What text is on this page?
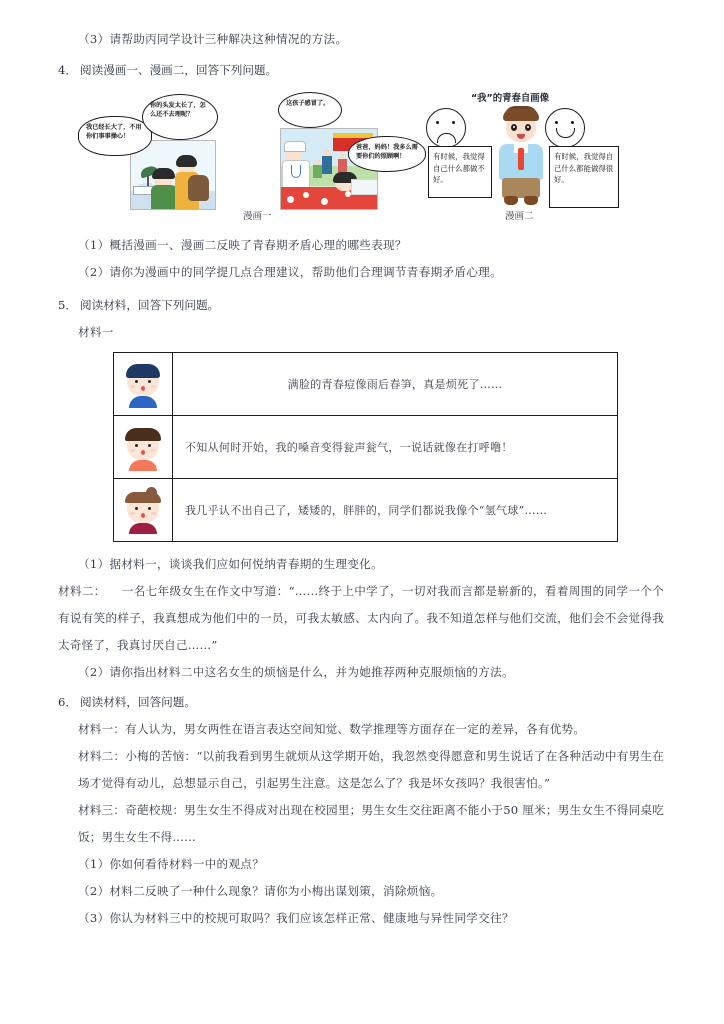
（3）请帮助丙同学设计三种解决这种情况的方法。
4． 阅读漫画一、漫画二，回答下列问题。
我已经长大了，不用你们事事操心！
你的头发太长了，怎么还不去理呢？
这孩子感冒了。
爸爸，妈妈！我多么需要你们的照顾啊！
漫画一
“我”的青春自画像
有时候，我觉得自己什么都做不好。
有时候，我觉得自己什么都能做得很好。
漫画二
（1）概括漫画一、漫画二反映了青春期矛盾心理的哪些表现？
（2）请你为漫画中的同学提几点合理建议，帮助他们合理调节青春期矛盾心理。
5． 阅读材料，回答下列问题。
材料一
	满脸的青春痘像雨后春笋，真是烦死了……

	不知从何时开始，我的嗓音变得瓮声瓮气，一说话就像在打呼噜！

	我几乎认不出自己了，矮矮的，胖胖的，同学们都说我像个“氢气球”……
（1）据材料一，谈谈我们应如何悦纳青春期的生理变化。
材料二： 一名七年级女生在作文中写道：“……终于上中学了，一切对我而言都是崭新的，看着周围的同学一个个有说有笑的样子，我真想成为他们中的一员，可我太敏感、太内向了。我不知道怎样与他们交流，他们会不会觉得我太奇怪了，我真讨厌自己……”
（2）请你指出材料二中这名女生的烦恼是什么，并为她推荐两种克服烦恼的方法。
6． 阅读材料，回答问题。
材料一：有人认为，男女两性在语言表达空间知觉、数学推理等方面存在一定的差异，各有优势。
材料二：小梅的苦恼：“以前我看到男生就烦从这学期开始，我忽然变得愿意和男生说话了在各种活动中有男生在场才觉得有动儿，总想显示自己，引起男生注意。这是怎么了？我是坏女孩吗？我很害怕。”
材料三：奇葩校规：男生女生不得成对出现在校园里；男生女生交往距离不能小于50 厘米；男生女生不得同桌吃饭；男生女生不得……
（1）你如何看待材料一中的观点？
（2）材料二反映了一种什么现象？请你为小梅出谋划策，消除烦恼。
（3）你认为材料三中的校规可取吗？我们应该怎样正常、健康地与异性同学交往？
